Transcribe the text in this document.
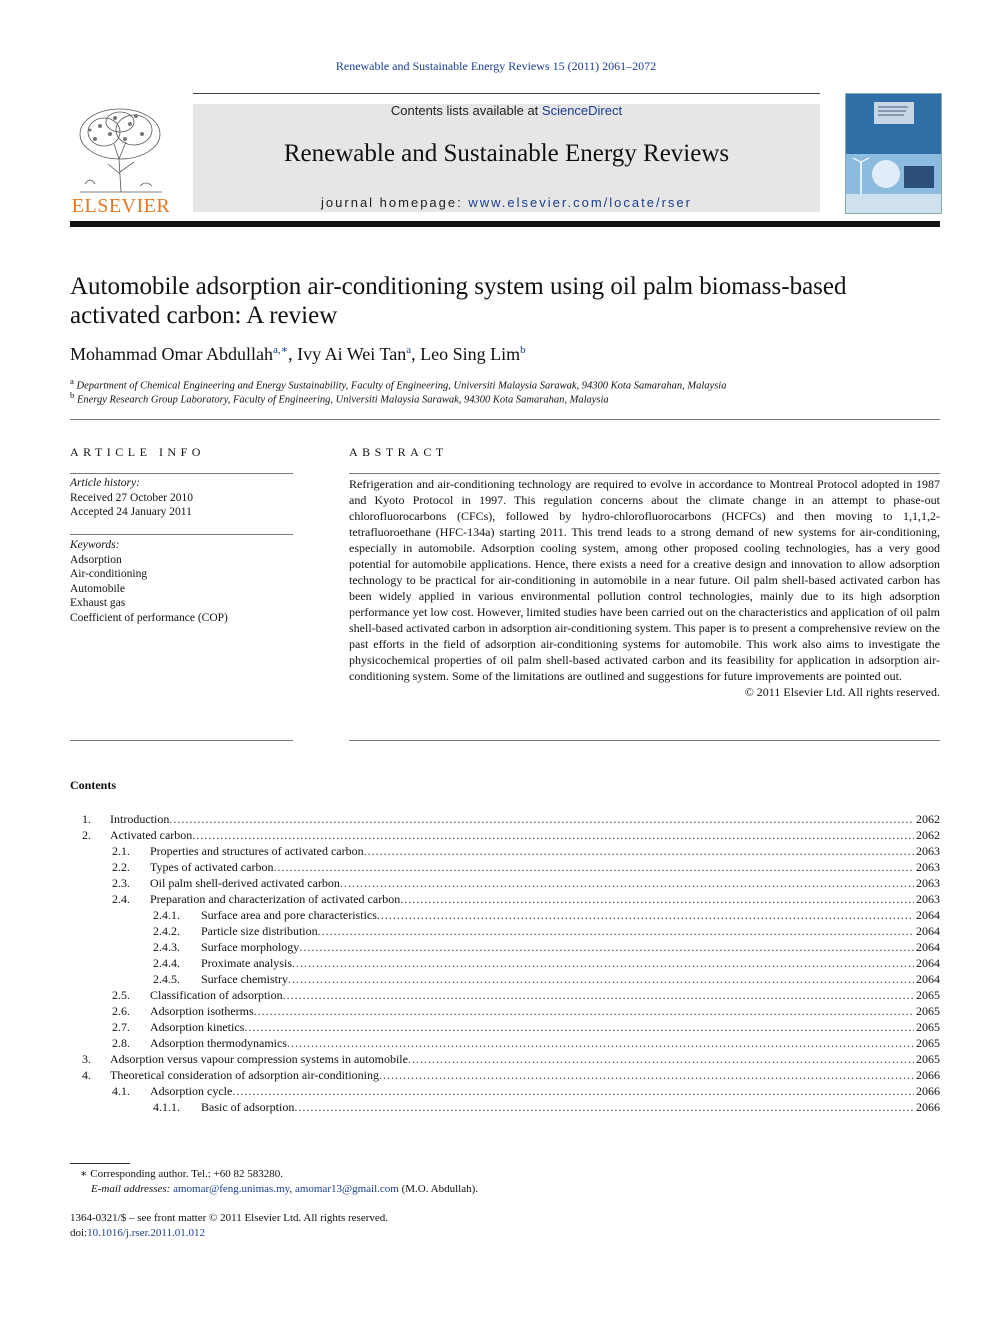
Renewable and Sustainable Energy Reviews 15 (2011) 2061–2072
ELSEVIER
Contents lists available at ScienceDirect
Renewable and Sustainable Energy Reviews
journal homepage: www.elsevier.com/locate/rser
Automobile adsorption air-conditioning system using oil palm biomass-based activated carbon: A review
Mohammad Omar Abdullah$^{a,∗}$, Ivy Ai Wei Tan$^a$, Leo Sing Lim$^b$
$^a$ Department of Chemical Engineering and Energy Sustainability, Faculty of Engineering, Universiti Malaysia Sarawak, 94300 Kota Samarahan, Malaysia
$^b$ Energy Research Group Laboratory, Faculty of Engineering, Universiti Malaysia Sarawak, 94300 Kota Samarahan, Malaysia
ARTICLE INFO
Article history:
Received 27 October 2010
Accepted 24 January 2011
Keywords:
Adsorption
Air-conditioning
Automobile
Exhaust gas
Coefficient of performance (COP)
ABSTRACT
Refrigeration and air-conditioning technology are required to evolve in accordance to Montreal Protocol adopted in 1987 and Kyoto Protocol in 1997. This regulation concerns about the climate change in an attempt to phase-out chlorofluorocarbons (CFCs), followed by hydro-chlorofluorocarbons (HCFCs) and then moving to 1,1,1,2-tetrafluoroethane (HFC-134a) starting 2011. This trend leads to a strong demand of new systems for air-conditioning, especially in automobile. Adsorption cooling system, among other proposed cooling technologies, has a very good potential for automobile applications. Hence, there exists a need for a creative design and innovation to allow adsorption technology to be practical for air-conditioning in automobile in a near future. Oil palm shell-based activated carbon has been widely applied in various environmental pollution control technologies, mainly due to its high adsorption performance yet low cost. However, limited studies have been carried out on the characteristics and application of oil palm shell-based activated carbon in adsorption air-conditioning system. This paper is to present a comprehensive review on the past efforts in the field of adsorption air-conditioning systems for automobile. This work also aims to investigate the physicochemical properties of oil palm shell-based activated carbon and its feasibility for application in adsorption air-conditioning system. Some of the limitations are outlined and suggestions for future improvements are pointed out.
© 2011 Elsevier Ltd. All rights reserved.
Contents
1. Introduction .....	2062
2. Activated carbon .....	2062
2.1. Properties and structures of activated carbon .....	2063
2.2. Types of activated carbon .....	2063
2.3. Oil palm shell-derived activated carbon .....	2063
2.4. Preparation and characterization of activated carbon .....	2063
2.4.1. Surface area and pore characteristics .....	2064
2.4.2. Particle size distribution .....	2064
2.4.3. Surface morphology .....	2064
2.4.4. Proximate analysis .....	2064
2.4.5. Surface chemistry .....	2064
2.5. Classification of adsorption .....	2065
2.6. Adsorption isotherms .....	2065
2.7. Adsorption kinetics .....	2065
2.8. Adsorption thermodynamics .....	2065
3. Adsorption versus vapour compression systems in automobile .....	2065
4. Theoretical consideration of adsorption air-conditioning .....	2066
4.1. Adsorption cycle .....	2066
4.1.1. Basic of adsorption .....	2066
∗ Corresponding author. Tel.: +60 82 583280.
E-mail addresses: amomar@feng.unimas.my, amomar13@gmail.com (M.O. Abdullah).
1364-0321/$ – see front matter © 2011 Elsevier Ltd. All rights reserved.
doi:10.1016/j.rser.2011.01.012
